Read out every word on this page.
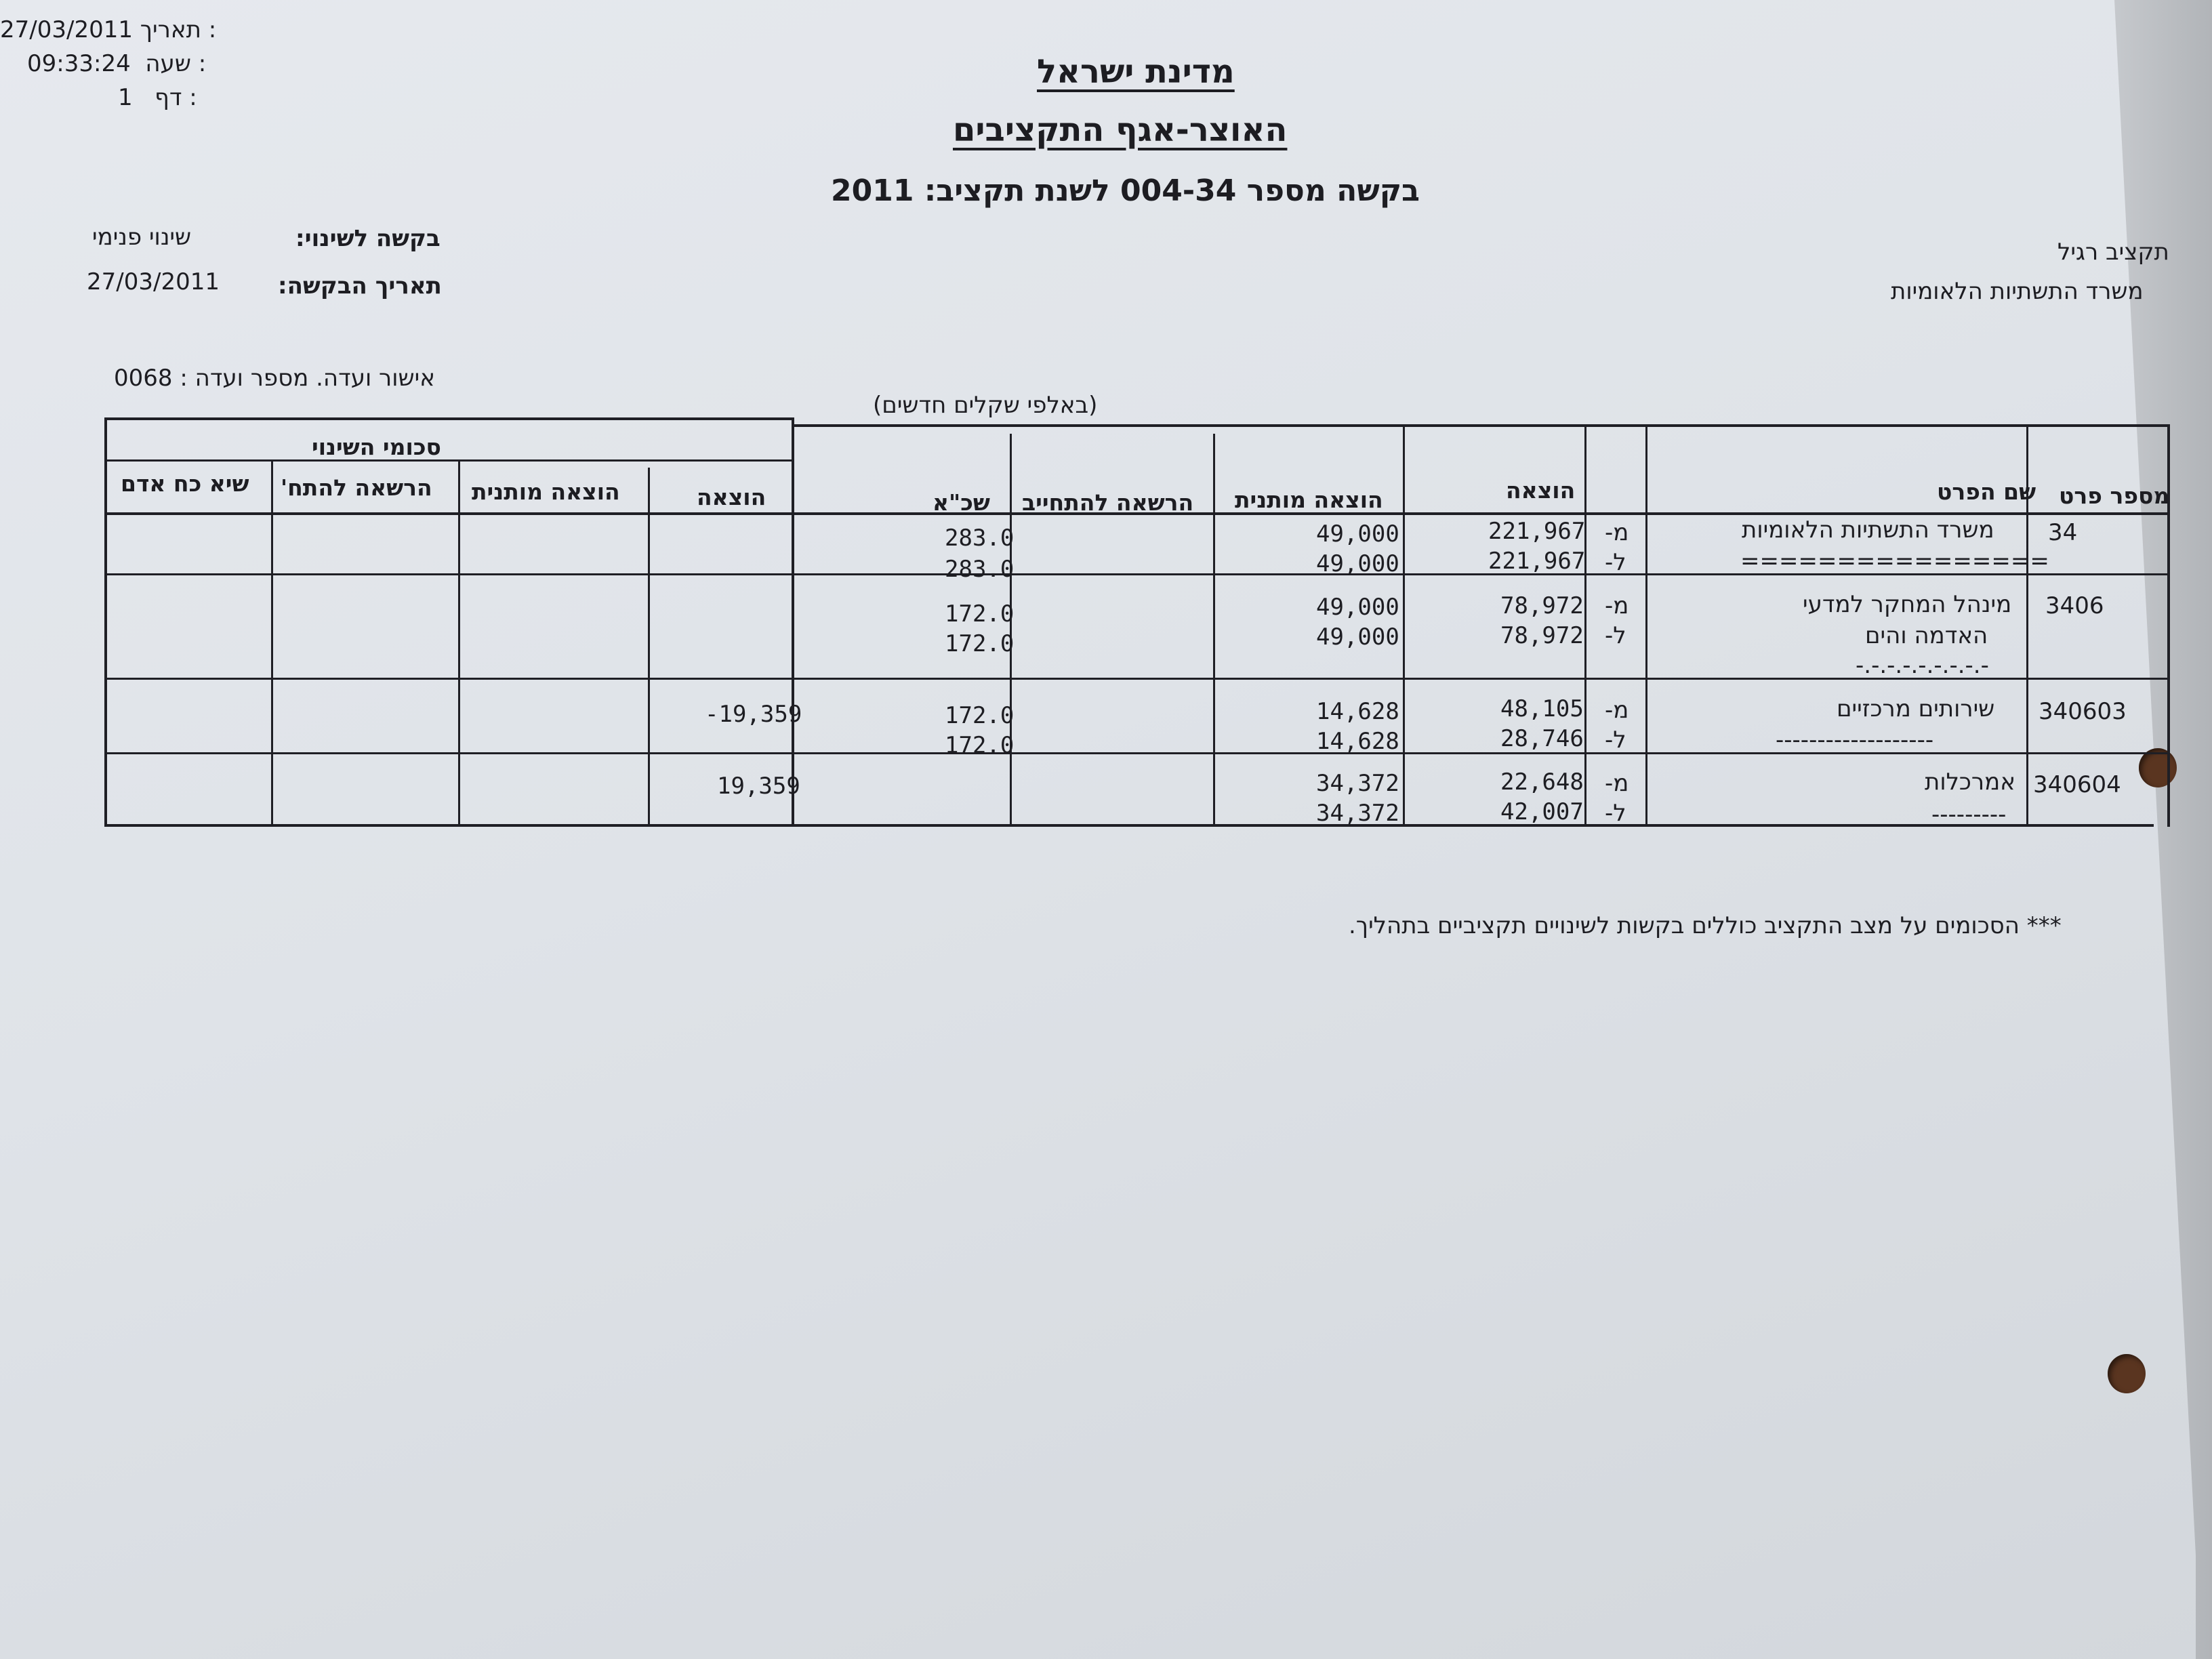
27/03/2011 תאריך :
09:33:24 שעה :
1 דף :
מדינת ישראל
האוצר-אגף התקציבים
בקשה מספר 004-34 לשנת תקציב: 2011
בקשה לשינוי:
שינוי פנימי
תאריך הבקשה:
27/03/2011
אישור ועדה. מספר ועדה : 0068
תקציב רגיל
משרד התשתיות הלאומיות
(באלפי שקלים חדשים)
מספר פרט
שם הפרט
הוצאה
הוצאה מותנית
הרשאה להתחייב
שכ"א
סכומי השינוי
הוצאה
הוצאה מותנית
הרשאה להתח'
שיא כח אדם
34
משרד התשתיות הלאומיות
================
מ-
ל-
221,967
221,967
49,000
49,000
283.0
283.0
3406
מינהל המחקר למדעי
האדמה והים
-.-.-.-.-.-.-.-.-
מ-
ל-
78,972
78,972
49,000
49,000
172.0
172.0
340603
שירותים מרכזיים
-------------------
מ-
ל-
48,105
28,746
14,628
14,628
172.0
172.0
-19,359
340604
אמרכלות
---------
מ-
ל-
22,648
42,007
34,372
34,372
19,359
*** הסכומים על מצב התקציב כוללים בקשות לשינויים תקציביים בתהליך.
